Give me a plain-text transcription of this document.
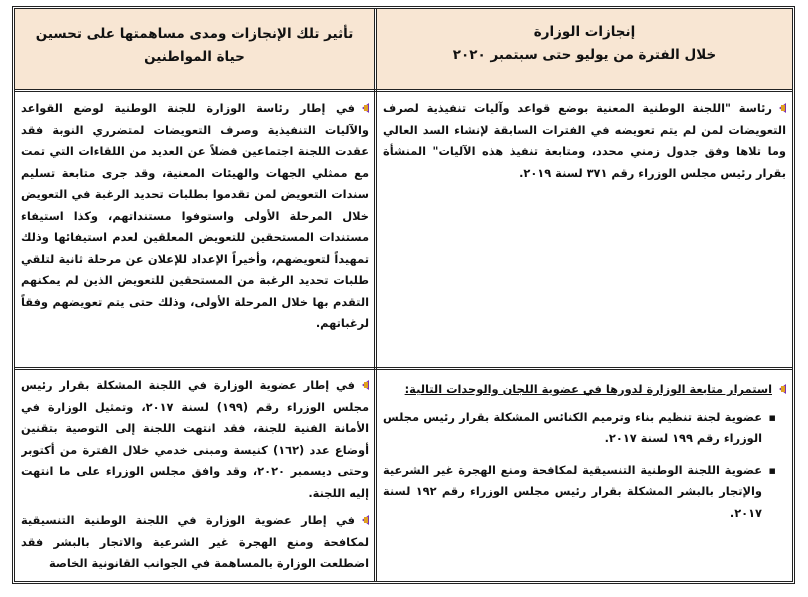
إنجازات الوزارة
خلال الفترة من يوليو حتى سبتمبر ٢٠٢٠
تأثير تلك الإنجازات ومدى مساهمتها على تحسين
حياة المواطنين

رئاسة "اللجنة الوطنية المعنية بوضع قواعد وآليات تنفيذية لصرف التعويضات لمن لم يتم تعويضه في الفترات السابقة لإنشاء السد العالي وما تلاها وفق جدول زمني محدد، ومتابعة تنفيذ هذه الآليات" المنشأة بقرار رئيس مجلس الوزراء رقم ٣٧١ لسنة ٢٠١٩.

في إطار رئاسة الوزارة للجنة الوطنية لوضع القواعد والآليات التنفيذية وصرف التعويضات لمتضرري النوبة فقد عقدت اللجنة اجتماعين فضلاً عن العديد من اللقاءات التي تمت مع ممثلي الجهات والهيئات المعنية، وقد جرى متابعة تسليم سندات التعويض لمن تقدموا بطلبات تحديد الرغبة في التعويض خلال المرحلة الأولى واستوفوا مستنداتهم، وكذا استيفاء مستندات المستحقين للتعويض المعلقين لعدم استيفائها وذلك تمهيداً لتعويضهم، وأخيراً الإعداد للإعلان عن مرحلة ثانية لتلقي طلبات تحديد الرغبة من المستحقين للتعويض الذين لم يمكنهم التقدم بها خلال المرحلة الأولى، وذلك حتى يتم تعويضهم وفقاً لرغباتهم.

استمرار متابعة الوزارة لدورها في عضوية اللجان والوحدات التالية:

▪ عضوية لجنة تنظيم بناء وترميم الكنائس المشكلة بقرار رئيس مجلس الوزراء رقم ١٩٩ لسنة ٢٠١٧.
▪ عضوية اللجنة الوطنية التنسيقية لمكافحة ومنع الهجرة غير الشرعية والإتجار بالبشر المشكلة بقرار رئيس مجلس الوزراء رقم ١٩٢ لسنة ٢٠١٧.

في إطار عضوية الوزارة في اللجنة المشكلة بقرار رئيس مجلس الوزراء رقم (١٩٩) لسنة ٢٠١٧، وتمثيل الوزارة في الأمانة الفنية للجنة، فقد انتهت اللجنة إلى التوصية بتقنين أوضاع عدد (١٦٢) كنيسة ومبنى خدمي خلال الفترة من أكتوبر وحتى ديسمبر ٢٠٢٠، وقد وافق مجلس الوزراء على ما انتهت إليه اللجنة.

في إطار عضوية الوزارة في اللجنة الوطنية التنسيقية لمكافحة ومنع الهجرة غير الشرعية والاتجار بالبشر فقد اضطلعت الوزارة بالمساهمة في الجوانب القانونية الخاصة
